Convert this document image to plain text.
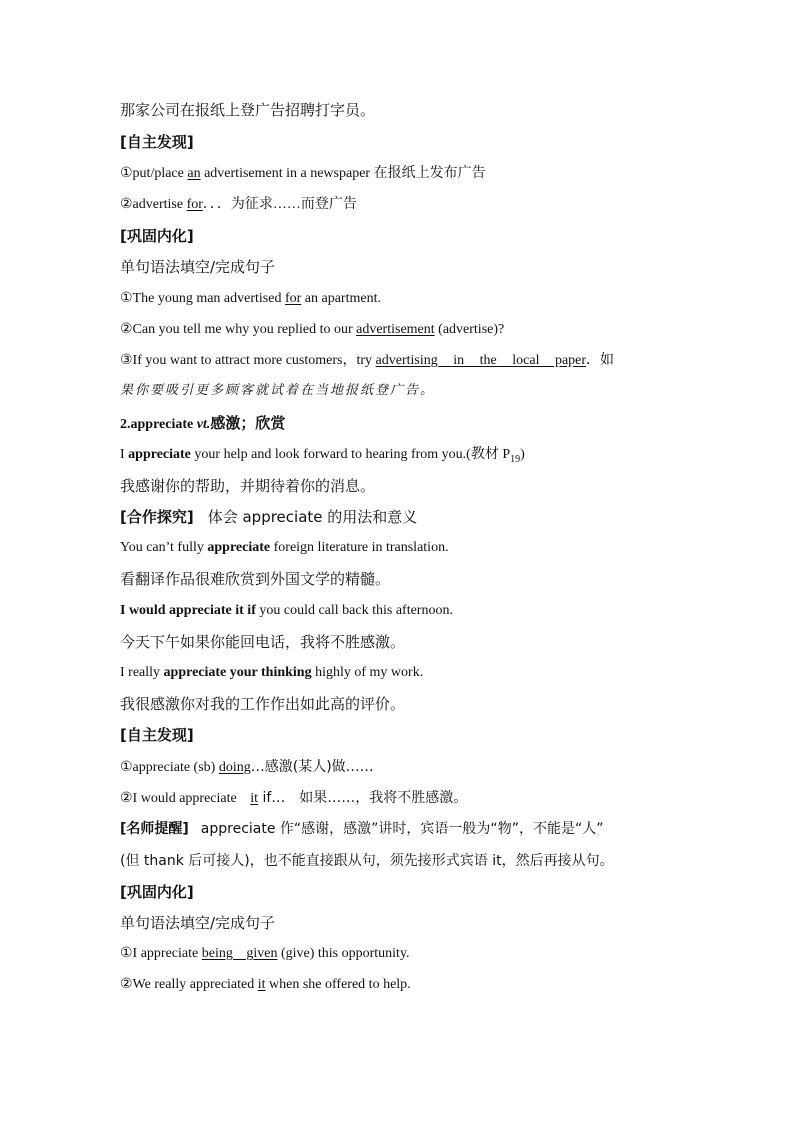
那家公司在报纸上登广告招聘打字员。
[自主发现]
①put/place an advertisement in a newspaper 在报纸上发布广告
②advertise for．．．为征求……而登广告
[巩固内化]
单句语法填空/完成句子
①The young man advertised for an apartment.
②Can you tell me why you replied to our advertisement (advertise)?
③If you want to attract more customers，try advertising in the local paper．如
果你要吸引更多顾客就试着在当地报纸登广告。
2.appreciate vt.感激；欣赏
I appreciate your help and look forward to hearing from you.(教材 $P_{19}$)
我感谢你的帮助，并期待着你的消息。
[合作探究] 体会 appreciate 的用法和意义
You can’t fully appreciate foreign literature in translation.
看翻译作品很难欣赏到外国文学的精髓。
I would appreciate it if you could call back this afternoon.
今天下午如果你能回电话，我将不胜感激。
I really appreciate your thinking highly of my work.
我很感激你对我的工作作出如此高的评价。
[自主发现]
①appreciate (sb) doing…感激(某人)做……
②I would appreciate it if…　如果……，我将不胜感激。
[名师提醒] appreciate 作“感谢，感激”讲时，宾语一般为“物”，不能是“人”
(但 thank 后可接人)，也不能直接跟从句，须先接形式宾语 it，然后再接从句。
[巩固内化]
单句语法填空/完成句子
①I appreciate being given (give) this opportunity.
②We really appreciated it when she offered to help.
